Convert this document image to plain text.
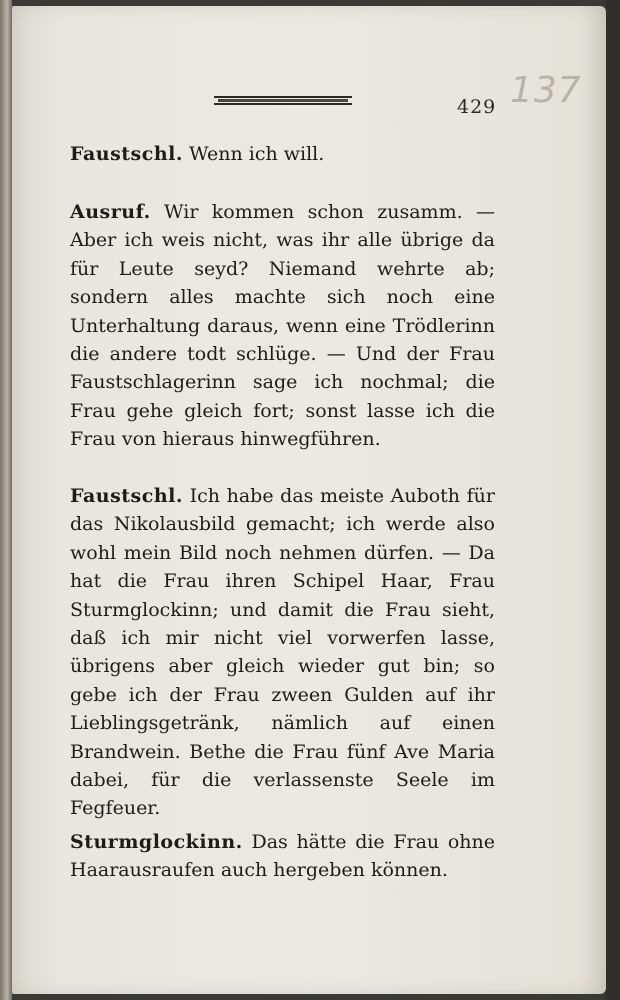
429 137
Faustschl. Wenn ich will.
Ausruf. Wir kommen schon zusamm. — Aber ich weis nicht, was ihr alle übrige da für Leute seyd? Niemand wehrte ab; sondern alles machte sich noch eine Unterhaltung daraus, wenn eine Trödlerinn die andere todt schlüge. — Und der Frau Faustschlagerinn sage ich nochmal; die Frau gehe gleich fort; sonst lasse ich die Frau von hieraus hinwegführen.
Faustschl. Ich habe das meiste Auboth für das Nikolausbild gemacht; ich werde also wohl mein Bild noch nehmen dürfen. — Da hat die Frau ihren Schipel Haar, Frau Sturmglockinn; und damit die Frau sieht, daß ich mir nicht viel vorwerfen lasse, übrigens aber gleich wieder gut bin; so gebe ich der Frau zween Gulden auf ihr Lieblingsgetränk, nämlich auf einen Brandwein. Bethe die Frau fünf Ave Maria dabei, für die verlassenste Seele im Fegfeuer.
Sturmglockinn. Das hätte die Frau ohne Haarausraufen auch hergeben können.
